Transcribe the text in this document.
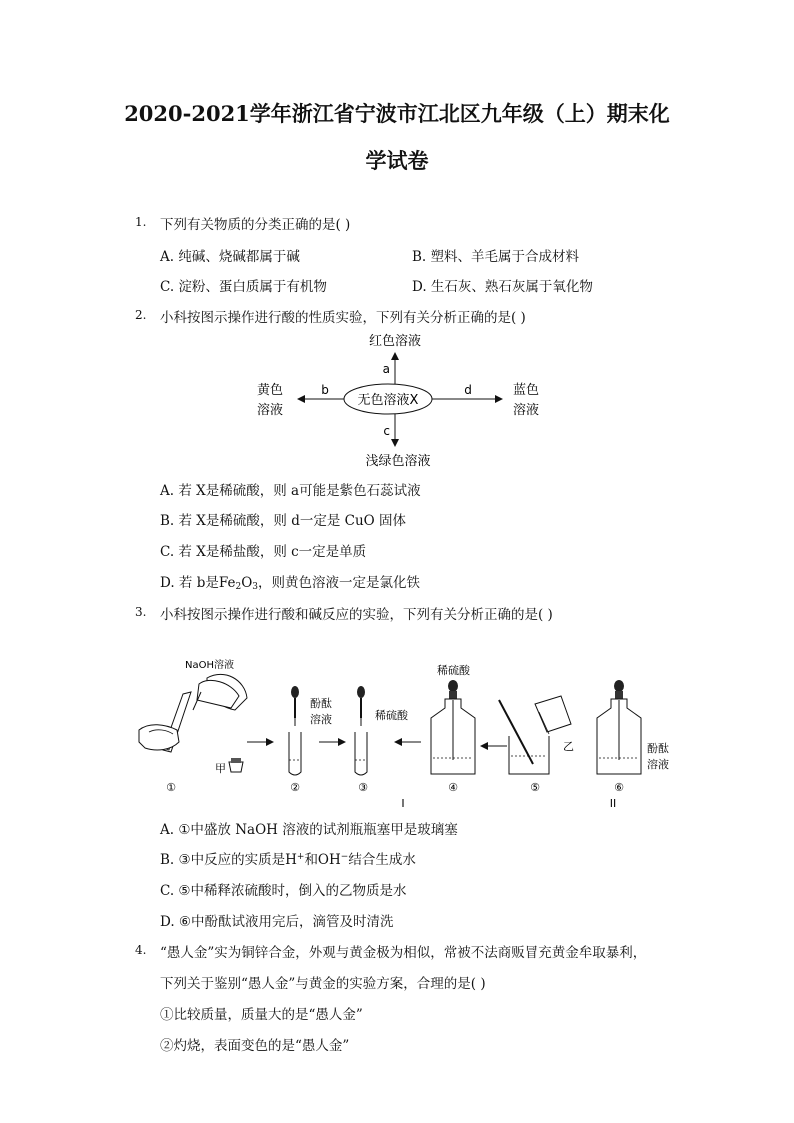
2020-2021学年浙江省宁波市江北区九年级（上）期末化
学试卷
1. 下列有关物质的分类正确的是( )
A. 纯碱、烧碱都属于碱	B. 塑料、羊毛属于合成材料
C. 淀粉、蛋白质属于有机物	D. 生石灰、熟石灰属于氧化物
2. 小科按图示操作进行酸的性质实验，下列有关分析正确的是( )
红色溶液
a
无色溶液X
b
黄色
溶液
d	蓝色
溶液
c
浅绿色溶液
A. 若 X是稀硫酸，则 a可能是紫色石蕊试液
B. 若 X是稀硫酸，则 d一定是 CuO 固体
C. 若 X是稀盐酸，则 c一定是单质
D. 若 b是$Fe_2O_3$，则黄色溶液一定是氯化铁
3. 小科按图示操作进行酸和碱反应的实验，下列有关分析正确的是( )
NaOH溶液
甲
①
酚酞
溶液
②
稀硫酸
③
稀硫酸
④
乙
⑤
酚酞
溶液
⑥
I	II
A. ①中盛放 NaOH 溶液的试剂瓶瓶塞甲是玻璃塞
B. ③中反应的实质是H+和OH−结合生成水
C. ⑤中稀释浓硫酸时，倒入的乙物质是水
D. ⑥中酚酞试液用完后，滴管及时清洗
4. “愚人金”实为铜锌合金，外观与黄金极为相似，常被不法商贩冒充黄金牟取暴利，
下列关于鉴别“愚人金”与黄金的实验方案，合理的是( )
①比较质量，质量大的是“愚人金”
②灼烧，表面变色的是“愚人金”
